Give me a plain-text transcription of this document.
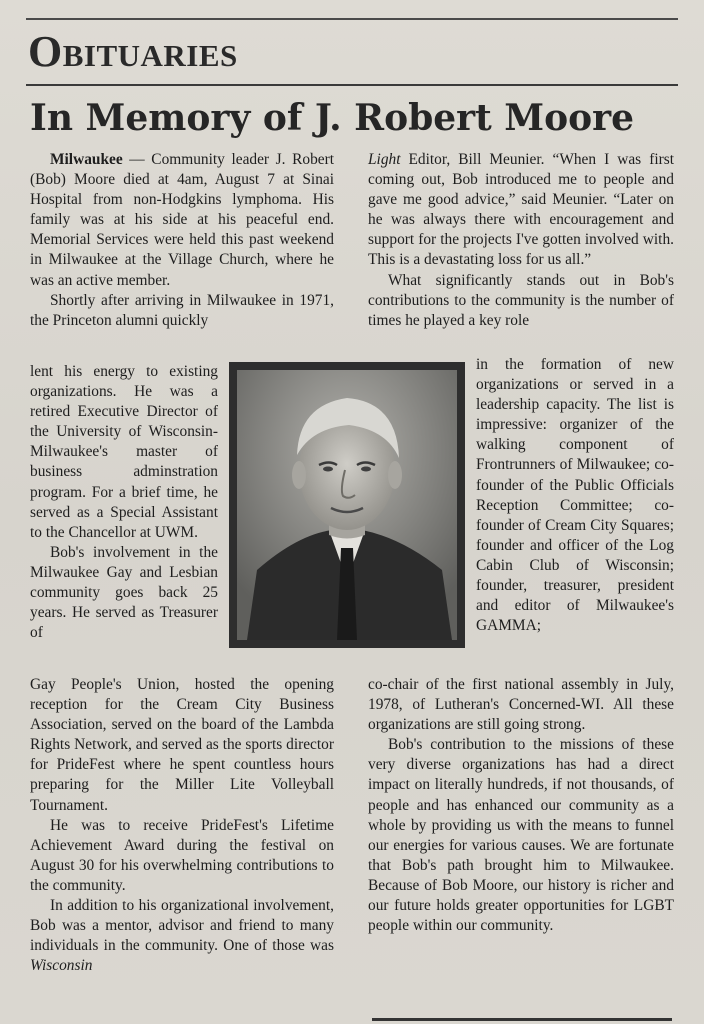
Obituaries
In Memory of J. Robert Moore

Milwaukee — Community leader J. Robert (Bob) Moore died at 4am, August 7 at Sinai Hospital from non-Hodgkins lymphoma. His family was at his side at his peaceful end. Memorial Services were held this past weekend in Milwaukee at the Village Church, where he was an active member.

Shortly after arriving in Milwaukee in 1971, the Princeton alumni quickly

lent his energy to existing organizations. He was a retired Executive Director of the University of Wisconsin-Milwaukee's master of business adminstration program. For a brief time, he served as a Special Assistant to the Chancellor at UWM.

Bob's involvement in the Milwaukee Gay and Lesbian community goes back 25 years. He served as Treasurer of

Gay People's Union, hosted the opening reception for the Cream City Business Association, served on the board of the Lambda Rights Network, and served as the sports director for PrideFest where he spent countless hours preparing for the Miller Lite Volleyball Tournament.

He was to receive PrideFest's Lifetime Achievement Award during the festival on August 30 for his overwhelming contributions to the community.

In addition to his organizational involvement, Bob was a mentor, advisor and friend to many individuals in the community. One of those was Wisconsin

Light Editor, Bill Meunier. “When I was first coming out, Bob introduced me to people and gave me good advice,” said Meunier. “Later on he was always there with encouragement and support for the projects I've gotten involved with. This is a devastating loss for us all.”

What significantly stands out in Bob's contributions to the community is the number of times he played a key role

in the formation of new organizations or served in a leadership capacity. The list is impressive: organizer of the walking component of Frontrunners of Milwaukee; co-founder of the Public Officials Reception Committee; co-founder of Cream City Squares; founder and officer of the Log Cabin Club of Wisconsin; founder, treasurer, president and editor of Milwaukee's GAMMA;

co-chair of the first national assembly in July, 1978, of Lutheran's Concerned-WI. All these organizations are still going strong.

Bob's contribution to the missions of these very diverse organizations has had a direct impact on literally hundreds, if not thousands, of people and has enhanced our community as a whole by providing us with the means to funnel our energies for various causes. We are fortunate that Bob's path brought him to Milwaukee. Because of Bob Moore, our history is richer and our future holds greater opportunities for LGBT people within our community.
